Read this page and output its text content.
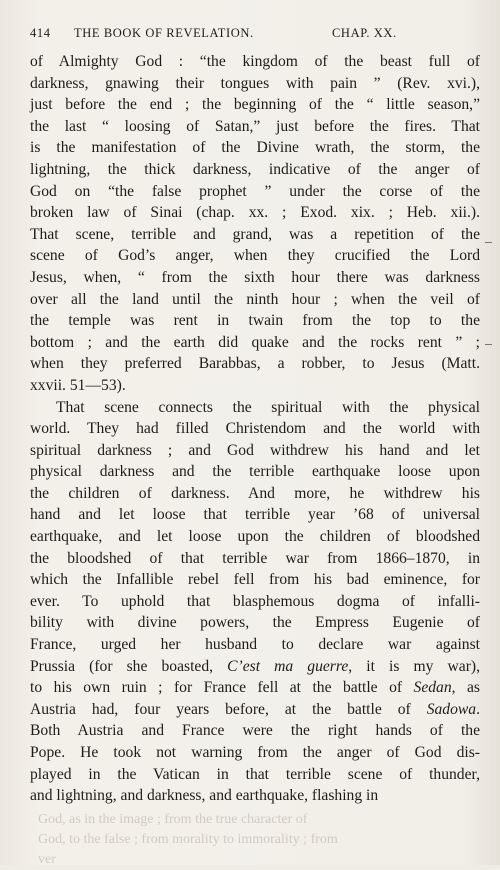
414 THE BOOK OF REVELATION.	CHAP. XX.
of Almighty God : “the kingdom of the beast full of
darkness, gnawing their tongues with pain ” (Rev. xvi.),
just before the end ; the beginning of the “ little season,”
the last “ loosing of Satan,” just before the fires. That
is the manifestation of the Divine wrath, the storm, the
lightning, the thick darkness, indicative of the anger of
God on “the false prophet ” under the corse of the
broken law of Sinai (chap. xx. ; Exod. xix. ; Heb. xii.).
That scene, terrible and grand, was a repetition of the
scene of God’s anger, when they crucified the Lord
Jesus, when, “ from the sixth hour there was darkness
over all the land until the ninth hour ; when the veil of
the temple was rent in twain from the top to the
bottom ; and the earth did quake and the rocks rent ” ;
when they preferred Barabbas, a robber, to Jesus (Matt.
xxvii. 51—53).
That scene connects the spiritual with the physical
world. They had filled Christendom and the world with
spiritual darkness ; and God withdrew his hand and let
physical darkness and the terrible earthquake loose upon
the children of darkness. And more, he withdrew his
hand and let loose that terrible year ’68 of universal
earthquake, and let loose upon the children of bloodshed
the bloodshed of that terrible war from 1866–1870, in
which the Infallible rebel fell from his bad eminence, for
ever. To uphold that blasphemous dogma of infalli-
bility with divine powers, the Empress Eugenie of
France, urged her husband to declare war against
Prussia (for she boasted, C’est ma guerre, it is my war),
to his own ruin ; for France fell at the battle of Sedan, as
Austria had, four years before, at the battle of Sadowa.
Both Austria and France were the right hands of the
Pope. He took not warning from the anger of God dis-
played in the Vatican in that terrible scene of thunder,
and lightning, and darkness, and earthquake, flashing in
God, as in the image ; from the true character of
God, to the false ; from morality to immorality ; from
ver
